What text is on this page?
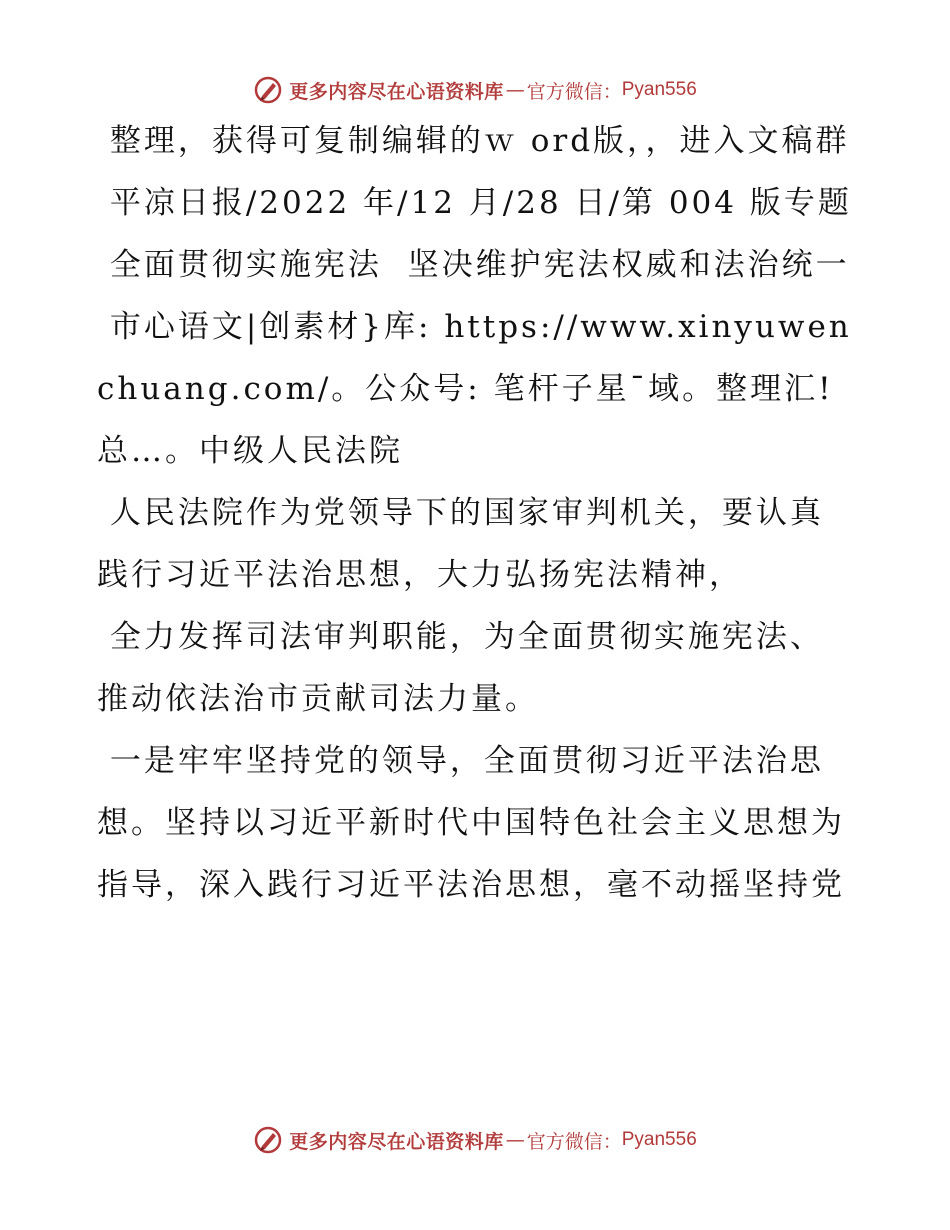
更多内容尽在心语资料库 — 官方微信： Pyan556

整理，获得可复制编辑的ｗ ord版，，进入文稿群

平凉日报/2022 年/12 月/28 日/第 004 版专题

全面贯彻实施宪法  坚决维护宪法权威和法治统一

市心语文|创素材}库: https://www.xinyuwenchuang.com/。公众号: 笔杆子星¯域。整理汇! 总…。中级人民法院

人民法院作为党领导下的国家审判机关，要认真践行习近平法治思想，大力弘扬宪法精神，

全力发挥司法审判职能，为全面贯彻实施宪法、推动依法治市贡献司法力量。

一是牢牢坚持党的领导，全面贯彻习近平法治思想。坚持以习近平新时代中国特色社会主义思想为指导，深入践行习近平法治思想，毫不动摇坚持党

更多内容尽在心语资料库 — 官方微信： Pyan556
